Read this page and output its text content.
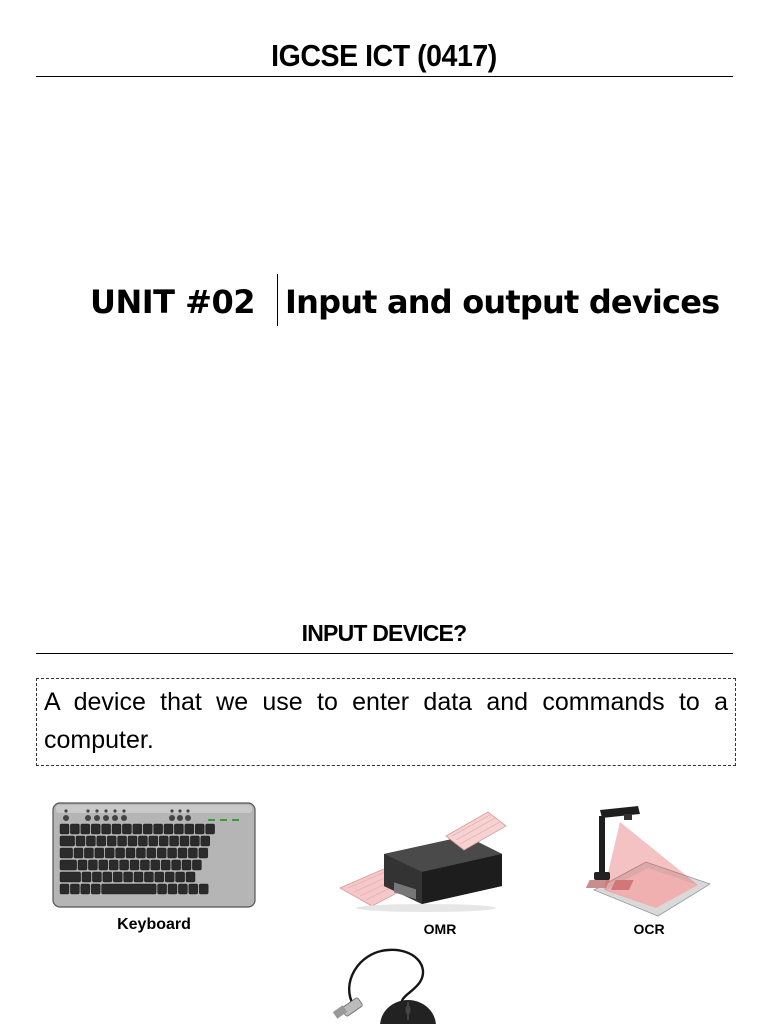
IGCSE ICT (0417)
UNIT #02 Input and output devices
INPUT DEVICE?
A device that we use to enter data and commands to a computer.
Keyboard	OMR	OCR
